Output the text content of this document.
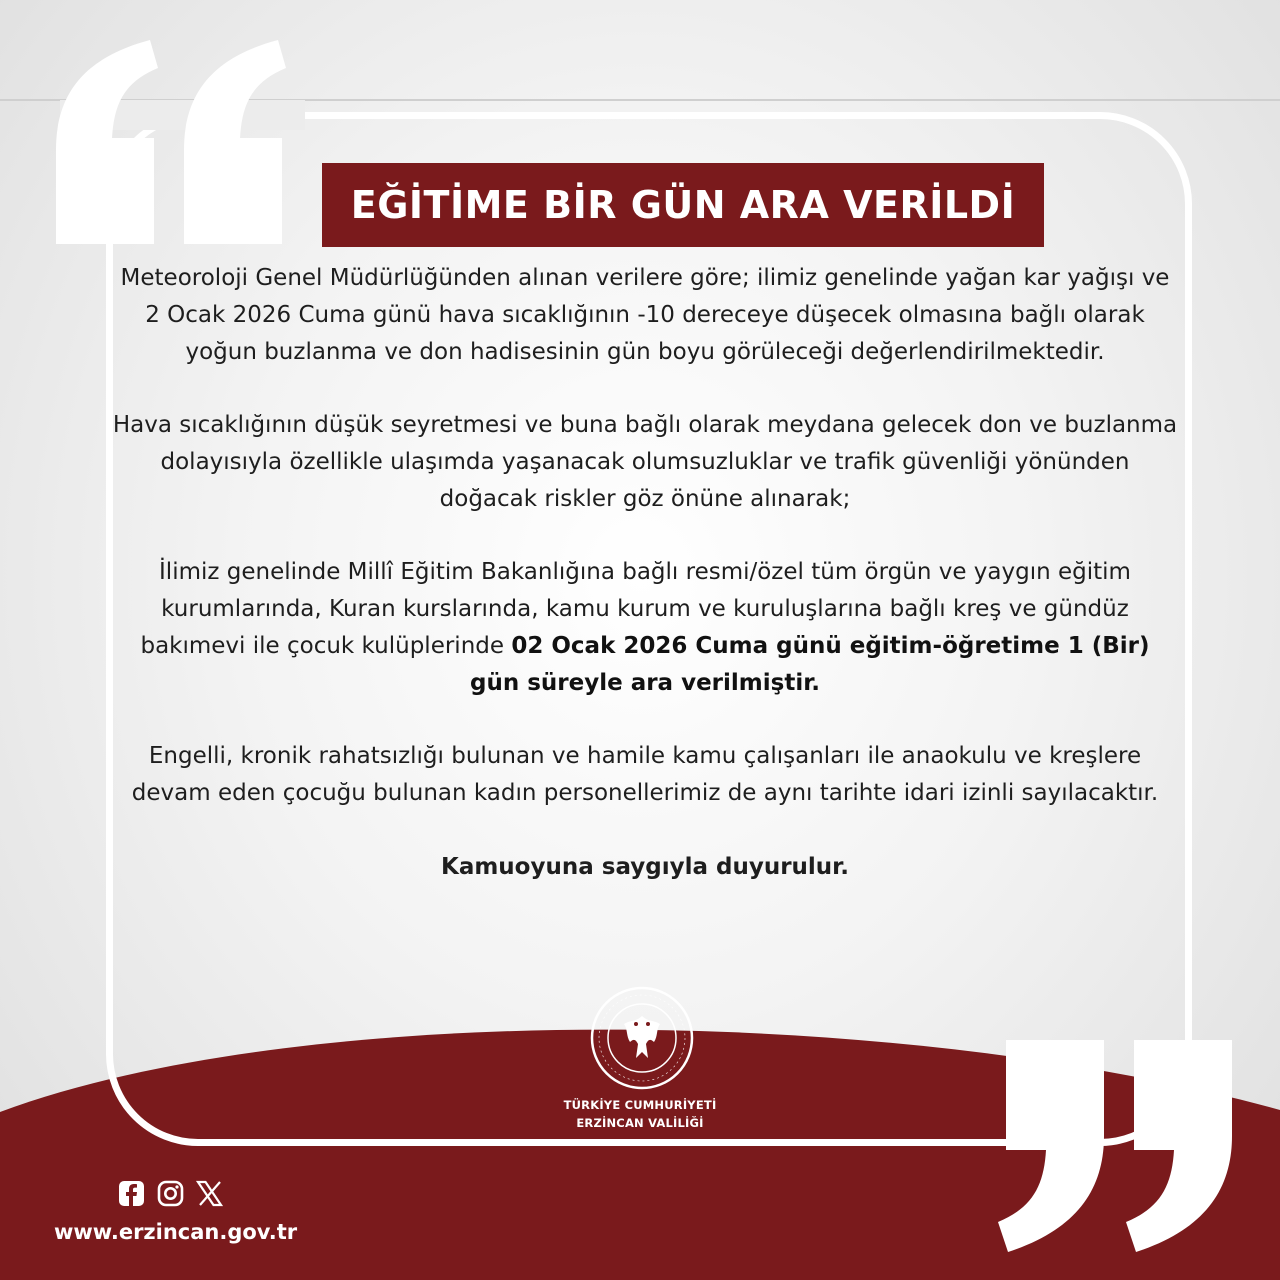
EĞİTİME BİR GÜN ARA VERİLDİ

Meteoroloji Genel Müdürlüğünden alınan verilere göre; ilimiz genelinde yağan kar yağışı ve 2 Ocak 2026 Cuma günü hava sıcaklığının -10 dereceye düşecek olmasına bağlı olarak yoğun buzlanma ve don hadisesinin gün boyu görüleceği değerlendirilmektedir.

Hava sıcaklığının düşük seyretmesi ve buna bağlı olarak meydana gelecek don ve buzlanma dolayısıyla özellikle ulaşımda yaşanacak olumsuzluklar ve trafik güvenliği yönünden doğacak riskler göz önüne alınarak;

İlimiz genelinde Millî Eğitim Bakanlığına bağlı resmi/özel tüm örgün ve yaygın eğitim kurumlarında, Kuran kurslarında, kamu kurum ve kuruluşlarına bağlı kreş ve gündüz bakımevi ile çocuk kulüplerinde 02 Ocak 2026 Cuma günü eğitim-öğretime 1 (Bir) gün süreyle ara verilmiştir.

Engelli, kronik rahatsızlığı bulunan ve hamile kamu çalışanları ile anaokulu ve kreşlere devam eden çocuğu bulunan kadın personellerimiz de aynı tarihte idari izinli sayılacaktır.

Kamuoyuna saygıyla duyurulur.

TÜRKİYE CUMHURİYETİ
ERZİNCAN VALİLİĞİ
www.erzincan.gov.tr
